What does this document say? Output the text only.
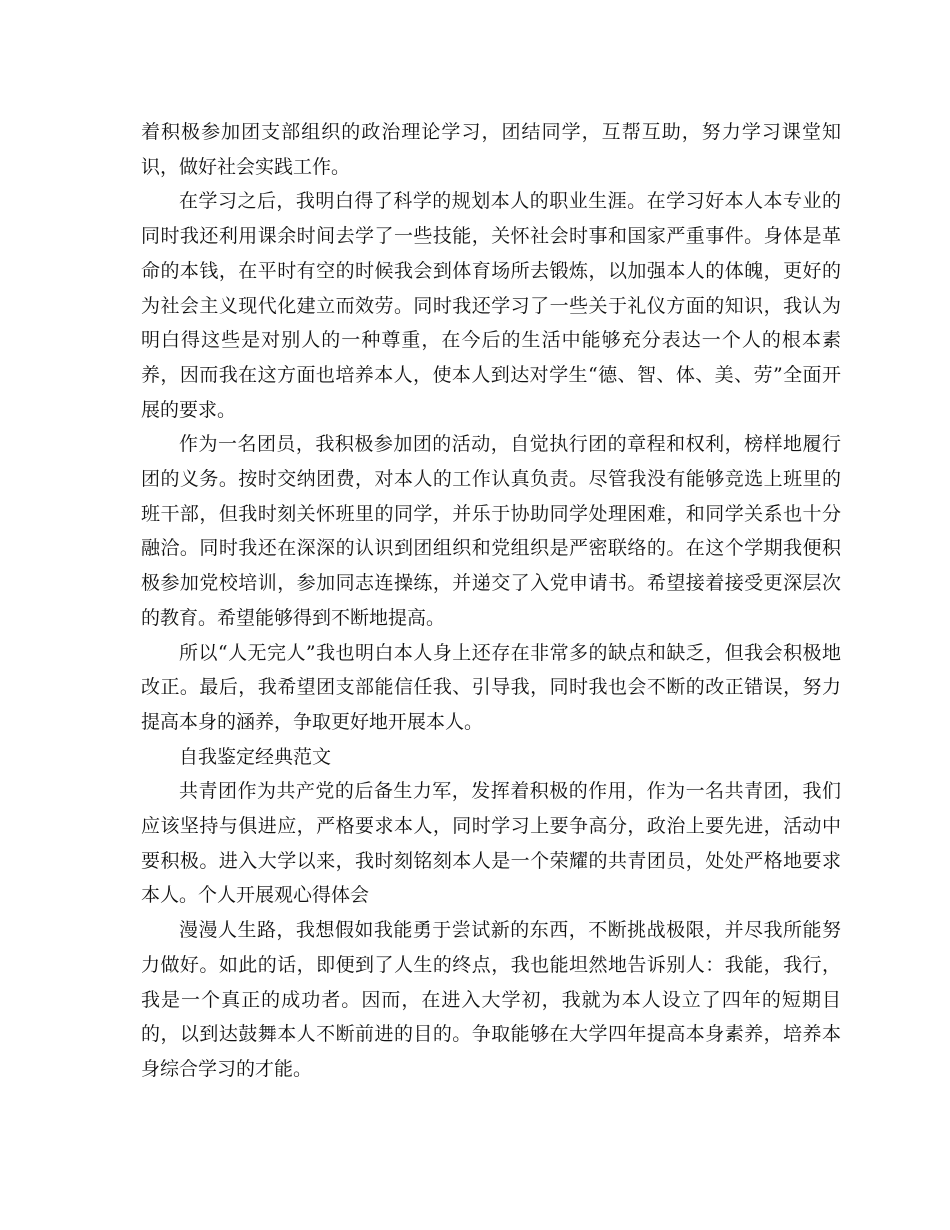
着积极参加团支部组织的政治理论学习，团结同学，互帮互助，努力学习课堂知识，做好社会实践工作。

在学习之后，我明白得了科学的规划本人的职业生涯。在学习好本人本专业的同时我还利用课余时间去学了一些技能，关怀社会时事和国家严重事件。身体是革命的本钱，在平时有空的时候我会到体育场所去锻炼，以加强本人的体魄，更好的为社会主义现代化建立而效劳。同时我还学习了一些关于礼仪方面的知识，我认为明白得这些是对别人的一种尊重，在今后的生活中能够充分表达一个人的根本素养，因而我在这方面也培养本人，使本人到达对学生“德、智、体、美、劳”全面开展的要求。

作为一名团员，我积极参加团的活动，自觉执行团的章程和权利，榜样地履行团的义务。按时交纳团费，对本人的工作认真负责。尽管我没有能够竞选上班里的班干部，但我时刻关怀班里的同学，并乐于协助同学处理困难，和同学关系也十分融洽。同时我还在深深的认识到团组织和党组织是严密联络的。在这个学期我便积极参加党校培训，参加同志连操练，并递交了入党申请书。希望接着接受更深层次的教育。希望能够得到不断地提高。

所以“人无完人”我也明白本人身上还存在非常多的缺点和缺乏，但我会积极地改正。最后，我希望团支部能信任我、引导我，同时我也会不断的改正错误，努力提高本身的涵养，争取更好地开展本人。

自我鉴定经典范文

共青团作为共产党的后备生力军，发挥着积极的作用，作为一名共青团，我们应该坚持与俱进应，严格要求本人，同时学习上要争高分，政治上要先进，活动中要积极。进入大学以来，我时刻铭刻本人是一个荣耀的共青团员，处处严格地要求本人。个人开展观心得体会

漫漫人生路，我想假如我能勇于尝试新的东西，不断挑战极限，并尽我所能努力做好。如此的话，即便到了人生的终点，我也能坦然地告诉别人：我能，我行，我是一个真正的成功者。因而，在进入大学初，我就为本人设立了四年的短期目的，以到达鼓舞本人不断前进的目的。争取能够在大学四年提高本身素养，培养本身综合学习的才能。
